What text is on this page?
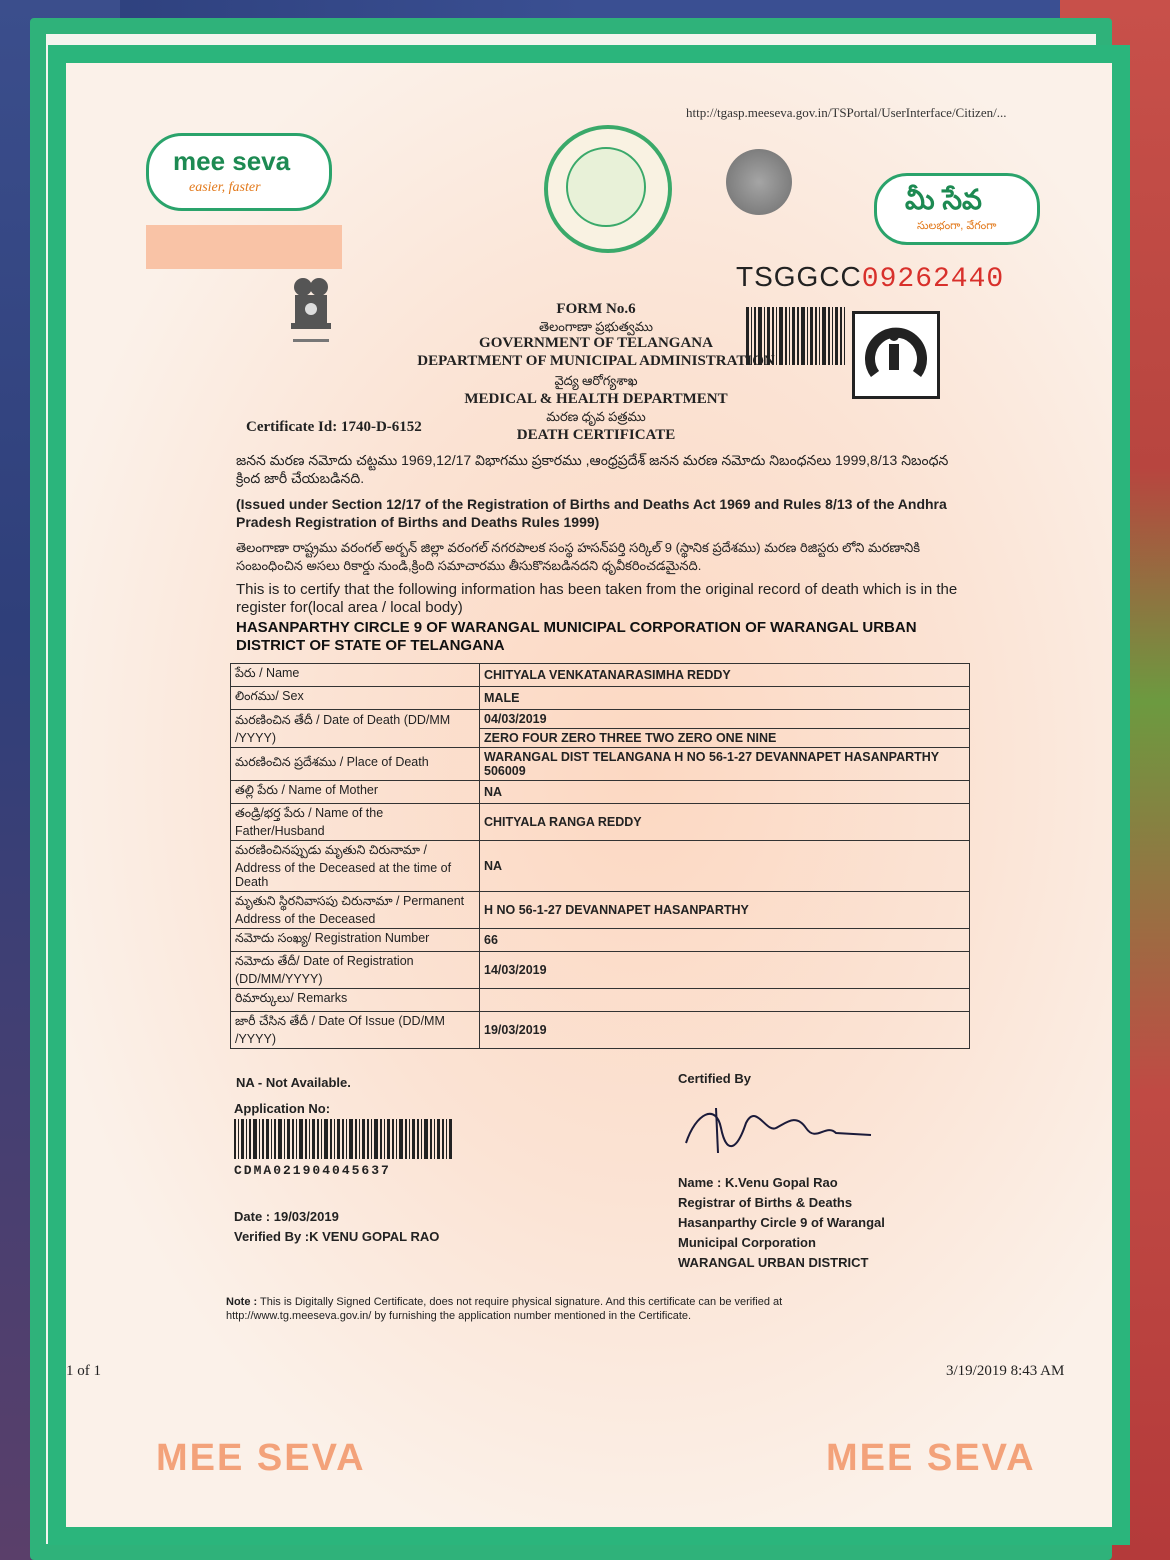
http://tgasp.meeseva.gov.in/TSPortal/UserInterface/Citizen/...
mee seva
easier, faster	మీ సేవ
సులభంగా, వేగంగా
TSGGCC09262440
FORM No.6
తెలంగాణా ప్రభుత్వము
GOVERNMENT OF TELANGANA
DEPARTMENT OF MUNICIPAL ADMINISTRATION
వైద్య ఆరోగ్యశాఖ
MEDICAL & HEALTH DEPARTMENT
మరణ ధృవ పత్రము
DEATH CERTIFICATE
Certificate Id: 1740-D-6152
జనన మరణ నమోదు చట్టము 1969,12/17 విభాగము ప్రకారము ,ఆంధ్రప్రదేశ్ జనన మరణ నమోదు నిబంధనలు 1999,8/13 నిబంధన క్రింద జారీ చేయబడినది.
(Issued under Section 12/17 of the Registration of Births and Deaths Act 1969 and Rules 8/13 of the Andhra Pradesh Registration of Births and Deaths Rules 1999)
తెలంగాణా రాష్ట్రము వరంగల్ అర్బన్ జిల్లా వరంగల్ నగరపాలక సంస్థ హసన్‌పర్తి సర్కిల్ 9 (స్థానిక ప్రదేశము) మరణ రిజిస్టరు లోని మరణానికి సంబంధించిన అసలు రికార్డు నుండి,క్రింది సమాచారము తీసుకొనబడినదని ధృవీకరించడమైనది.
This is to certify that the following information has been taken from the original record of death which is in the register for(local area / local body)
HASANPARTHY CIRCLE 9 OF WARANGAL MUNICIPAL CORPORATION OF WARANGAL URBAN DISTRICT OF STATE OF TELANGANA
పేరు / Name	CHITYALA VENKATANARASIMHA REDDY
లింగము/ Sex	MALE
మరణించిన తేదీ / Date of Death (DD/MM /YYYY)	04/03/2019
	ZERO FOUR ZERO THREE TWO ZERO ONE NINE
మరణించిన ప్రదేశము / Place of Death	WARANGAL DIST TELANGANA H NO 56-1-27 DEVANNAPET HASANPARTHY 506009
తల్లి పేరు / Name of Mother	NA
తండ్రి/భర్త పేరు / Name of the Father/Husband	CHITYALA RANGA REDDY
మరణించినప్పుడు మృతుని చిరునామా / Address of the Deceased at the time of Death	NA
మృతుని స్థిరనివాసపు చిరునామా / Permanent Address of the Deceased	H NO 56-1-27 DEVANNAPET HASANPARTHY
నమోదు సంఖ్య/ Registration Number	66
నమోదు తేదీ/ Date of Registration (DD/MM/YYYY)	14/03/2019
రిమార్కులు/ Remarks	
జారీ చేసిన తేదీ / Date Of Issue (DD/MM /YYYY)	19/03/2019
NA - Not Available.
Application No:
CDMA021904045637
Date : 19/03/2019
Verified By :K VENU GOPAL RAO
Certified By
Name : K.Venu Gopal Rao
Registrar of Births & Deaths
Hasanparthy Circle 9 of Warangal
Municipal Corporation
WARANGAL URBAN DISTRICT
Note : This is Digitally Signed Certificate, does not require physical signature. And this certificate can be verified at http://www.tg.meeseva.gov.in/ by furnishing the application number mentioned in the Certificate.
1 of 1	3/19/2019 8:43 AM
MEE SEVA	MEE SEVA
